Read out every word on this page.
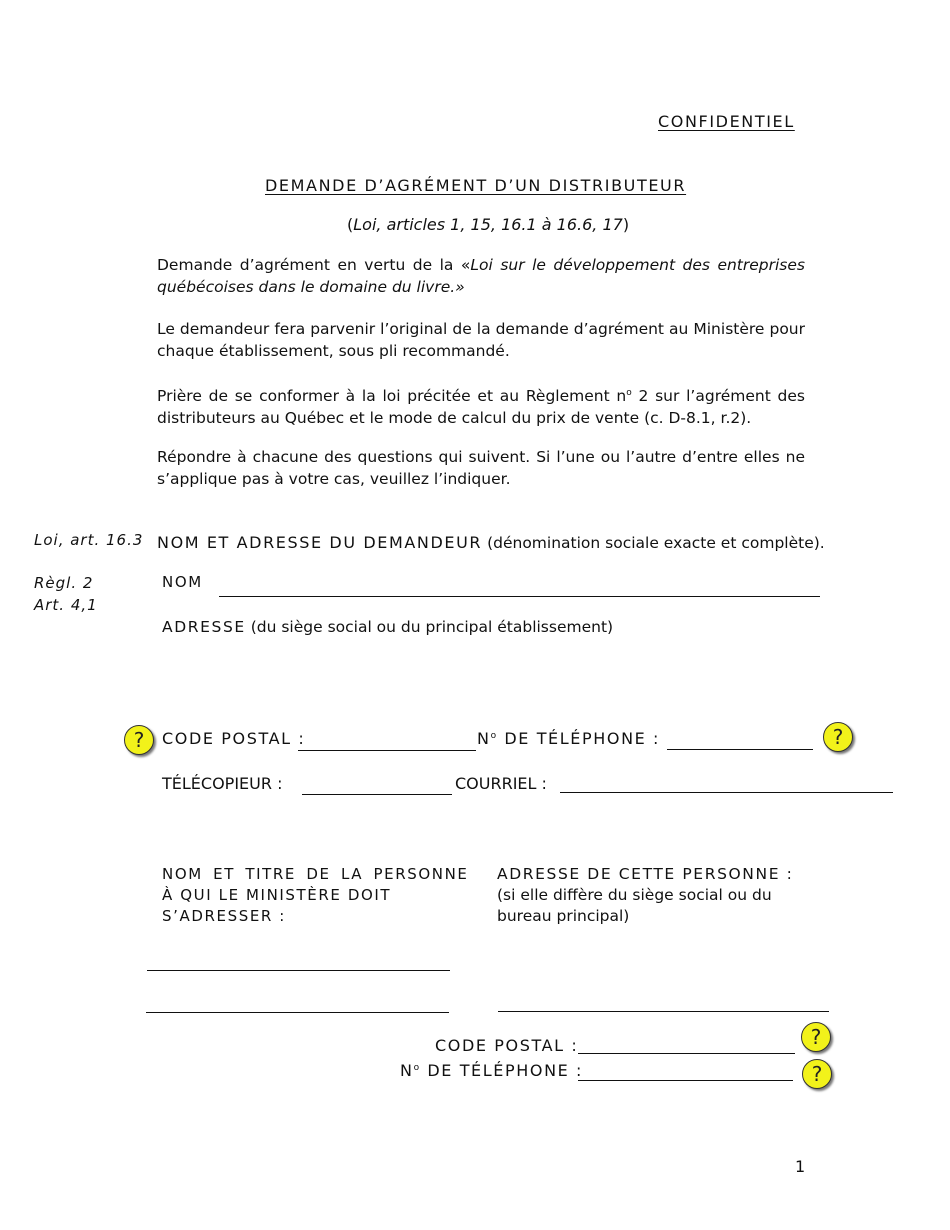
CONFIDENTIEL
DEMANDE D’AGRÉMENT D’UN DISTRIBUTEUR
(Loi, articles 1, 15, 16.1 à 16.6, 17)
Demande d’agrément en vertu de la «Loi sur le développement des entreprises québécoises dans le domaine du livre.»
Le demandeur fera parvenir l’original de la demande d’agrément au Ministère pour chaque établissement, sous pli recommandé.
Prière de se conformer à la loi précitée et au Règlement $n^o$ 2 sur l’agrément des distributeurs au Québec et le mode de calcul du prix de vente (c. D-8.1, r.2).
Répondre à chacune des questions qui suivent. Si l’une ou l’autre d’entre elles ne s’applique pas à votre cas, veuillez l’indiquer.
Loi, art. 16.3
Règl. 2
Art. 4,1
NOM ET ADRESSE DU DEMANDEUR (dénomination sociale exacte et complète).
NOM
ADRESSE (du siège social ou du principal établissement)
?	CODE POSTAL :	$N^o$ DE TÉLÉPHONE :	?
TÉLÉCOPIEUR :	COURRIEL :
NOM ET TITRE DE LA PERSONNE
À QUI LE MINISTÈRE DOIT
S’ADRESSER :
ADRESSE DE CETTE PERSONNE :
(si elle diffère du siège social ou du
bureau principal)
CODE POSTAL :	?
$N^o$ DE TÉLÉPHONE :	?
1
